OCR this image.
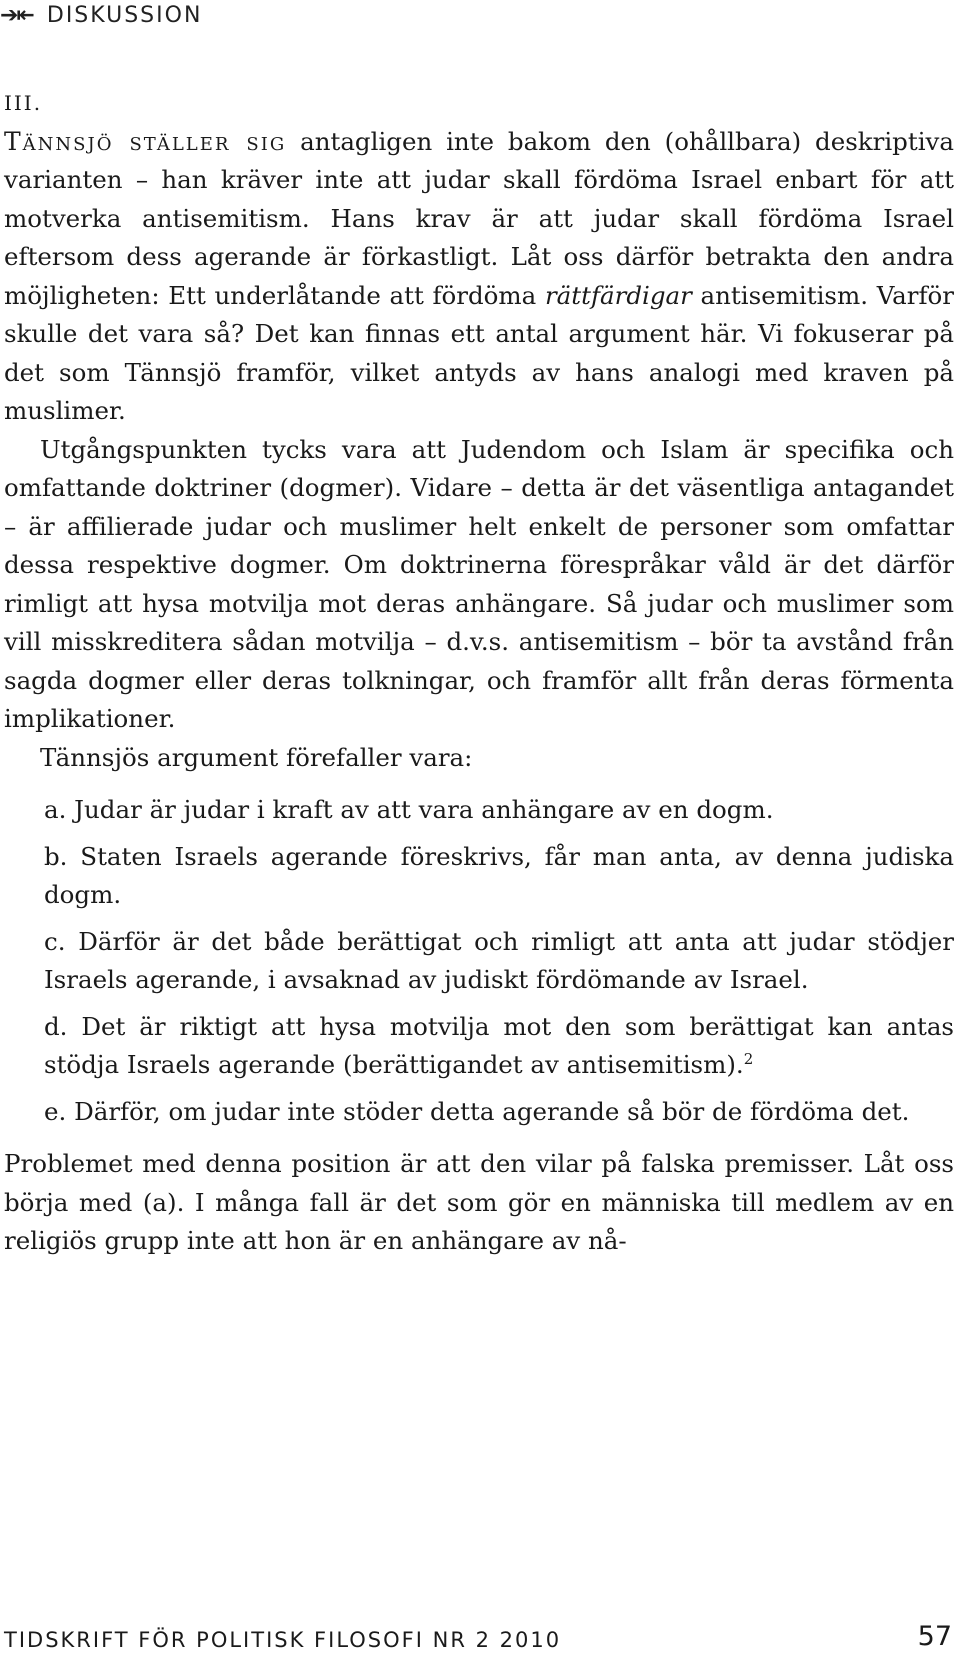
➔⇤ DISKUSSION

III.

Tännsjö ställer sig antagligen inte bakom den (ohållbara) deskriptiva varianten – han kräver inte att judar skall fördöma Israel enbart för att motverka antisemitism. Hans krav är att judar skall fördöma Israel eftersom dess agerande är förkastligt. Låt oss därför betrakta den andra möjligheten: Ett underlåtande att fördöma rättfärdigar antisemitism. Varför skulle det vara så? Det kan finnas ett antal argument här. Vi fokuserar på det som Tännsjö framför, vilket antyds av hans analogi med kraven på muslimer.

Utgångspunkten tycks vara att Judendom och Islam är specifika och omfattande doktriner (dogmer). Vidare – detta är det väsentliga antagandet – är affilierade judar och muslimer helt enkelt de personer som omfattar dessa respektive dogmer. Om doktrinerna förespråkar våld är det därför rimligt att hysa motvilja mot deras anhängare. Så judar och muslimer som vill misskreditera sådan motvilja – d.v.s. antisemitism – bör ta avstånd från sagda dogmer eller deras tolkningar, och framför allt från deras förmenta implikationer.

Tännsjös argument förefaller vara:

a. Judar är judar i kraft av att vara anhängare av en dogm.

b. Staten Israels agerande föreskrivs, får man anta, av denna judiska dogm.

c. Därför är det både berättigat och rimligt att anta att judar stödjer Israels agerande, i avsaknad av judiskt fördömande av Israel.

d. Det är riktigt att hysa motvilja mot den som berättigat kan antas stödja Israels agerande (berättigandet av antisemitism).$^2$

e. Därför, om judar inte stöder detta agerande så bör de fördöma det.

Problemet med denna position är att den vilar på falska premisser. Låt oss börja med (a). I många fall är det som gör en människa till medlem av en religiös grupp inte att hon är en anhängare av nå-

TIDSKRIFT FÖR POLITISK FILOSOFI NR 2 2010	57
